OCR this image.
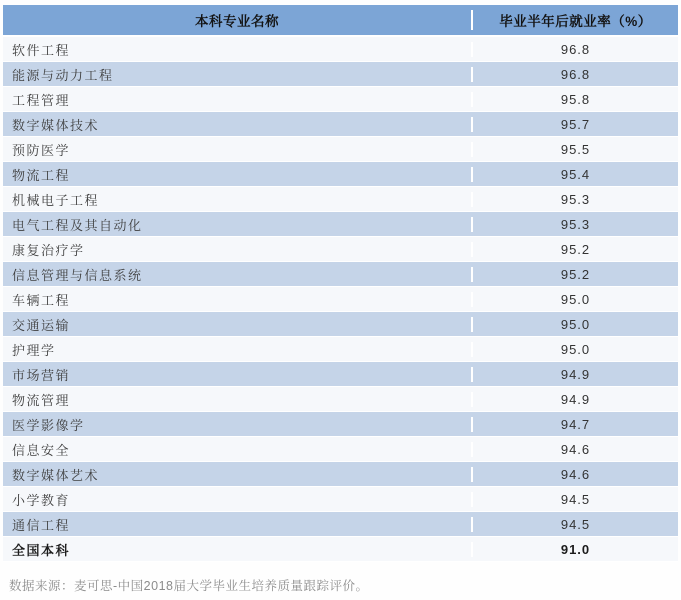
本科专业名称	毕业半年后就业率（%）
软件工程	96.8
能源与动力工程	96.8
工程管理	95.8
数字媒体技术	95.7
预防医学	95.5
物流工程	95.4
机械电子工程	95.3
电气工程及其自动化	95.3
康复治疗学	95.2
信息管理与信息系统	95.2
车辆工程	95.0
交通运输	95.0
护理学	95.0
市场营销	94.9
物流管理	94.9
医学影像学	94.7
信息安全	94.6
数字媒体艺术	94.6
小学教育	94.5
通信工程	94.5
全国本科	91.0
数据来源：麦可思-中国2018届大学毕业生培养质量跟踪评价。
